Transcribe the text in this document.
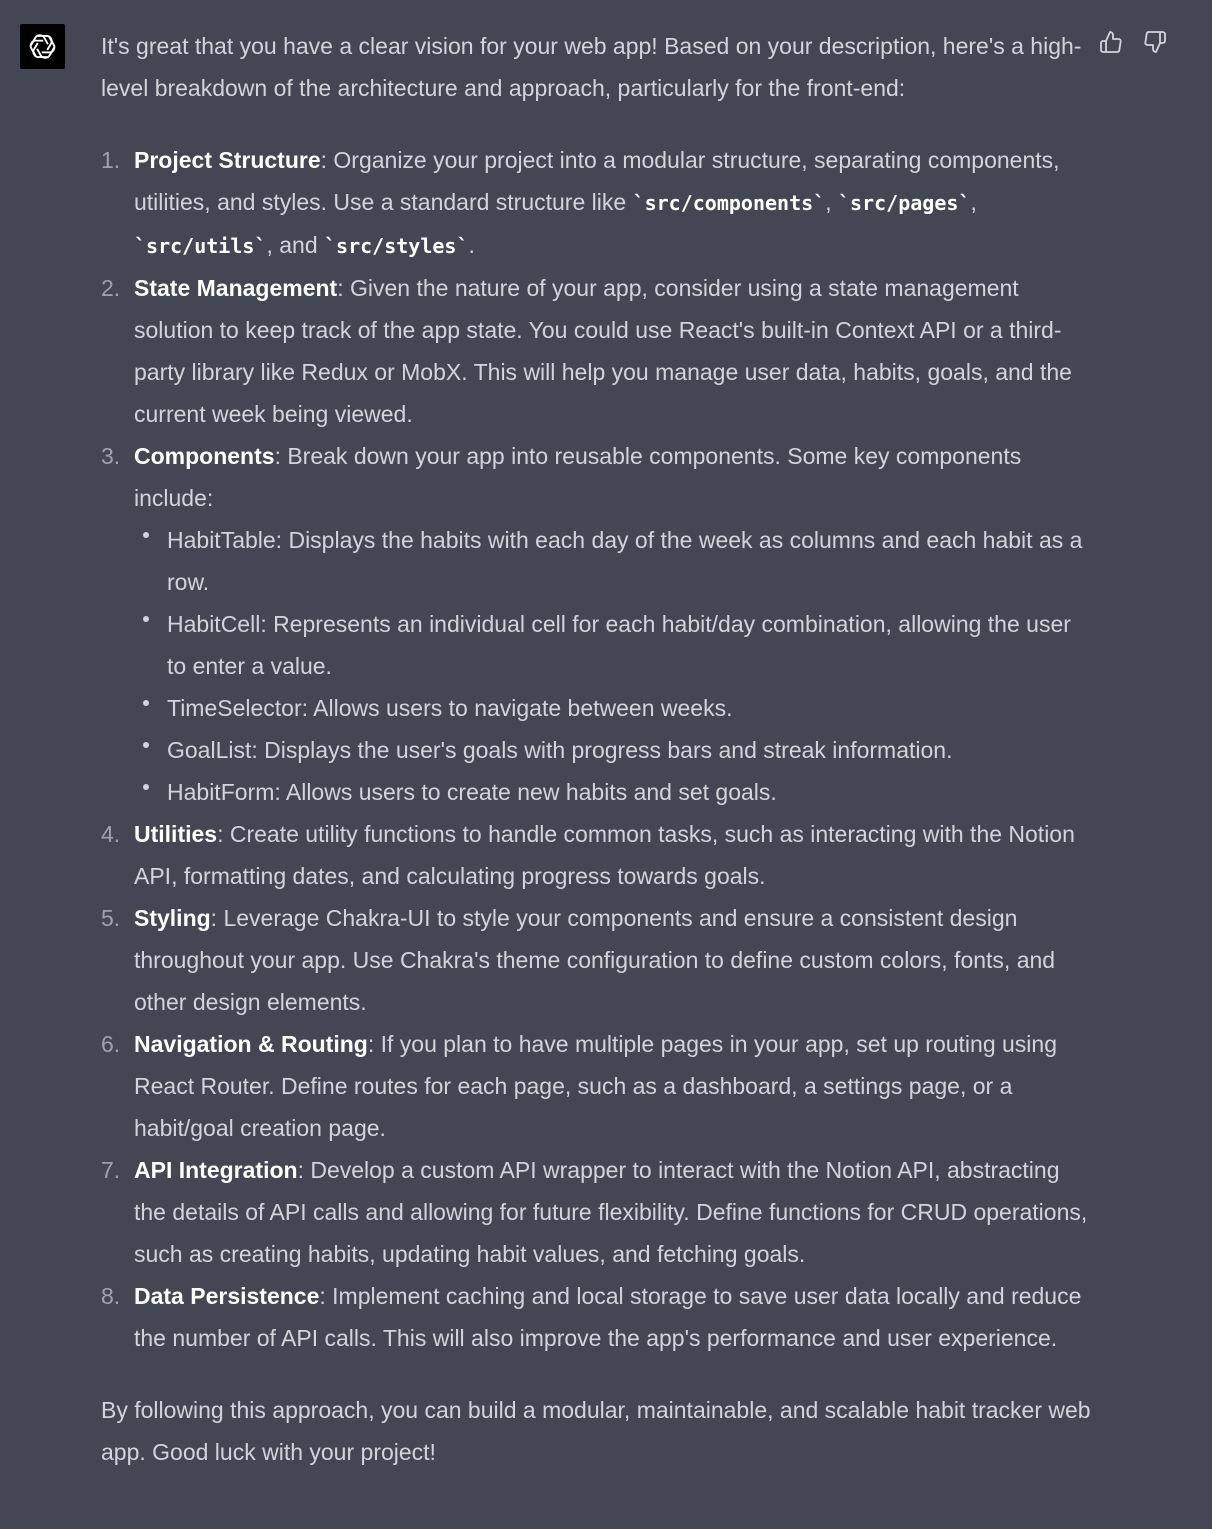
It's great that you have a clear vision for your web app! Based on your description, here's a high-level breakdown of the architecture and approach, particularly for the front-end:

1. Project Structure: Organize your project into a modular structure, separating components, utilities, and styles. Use a standard structure like `src/components`, `src/pages`, `src/utils`, and `src/styles`.
2. State Management: Given the nature of your app, consider using a state management solution to keep track of the app state. You could use React's built-in Context API or a third-party library like Redux or MobX. This will help you manage user data, habits, goals, and the current week being viewed.
3. Components: Break down your app into reusable components. Some key components include:
HabitTable: Displays the habits with each day of the week as columns and each habit as a row.
HabitCell: Represents an individual cell for each habit/day combination, allowing the user to enter a value.
TimeSelector: Allows users to navigate between weeks.
GoalList: Displays the user's goals with progress bars and streak information.
HabitForm: Allows users to create new habits and set goals.
4. Utilities: Create utility functions to handle common tasks, such as interacting with the Notion API, formatting dates, and calculating progress towards goals.
5. Styling: Leverage Chakra-UI to style your components and ensure a consistent design throughout your app. Use Chakra's theme configuration to define custom colors, fonts, and other design elements.
6. Navigation & Routing: If you plan to have multiple pages in your app, set up routing using React Router. Define routes for each page, such as a dashboard, a settings page, or a habit/goal creation page.
7. API Integration: Develop a custom API wrapper to interact with the Notion API, abstracting the details of API calls and allowing for future flexibility. Define functions for CRUD operations, such as creating habits, updating habit values, and fetching goals.
8. Data Persistence: Implement caching and local storage to save user data locally and reduce the number of API calls. This will also improve the app's performance and user experience.

By following this approach, you can build a modular, maintainable, and scalable habit tracker web app. Good luck with your project!
